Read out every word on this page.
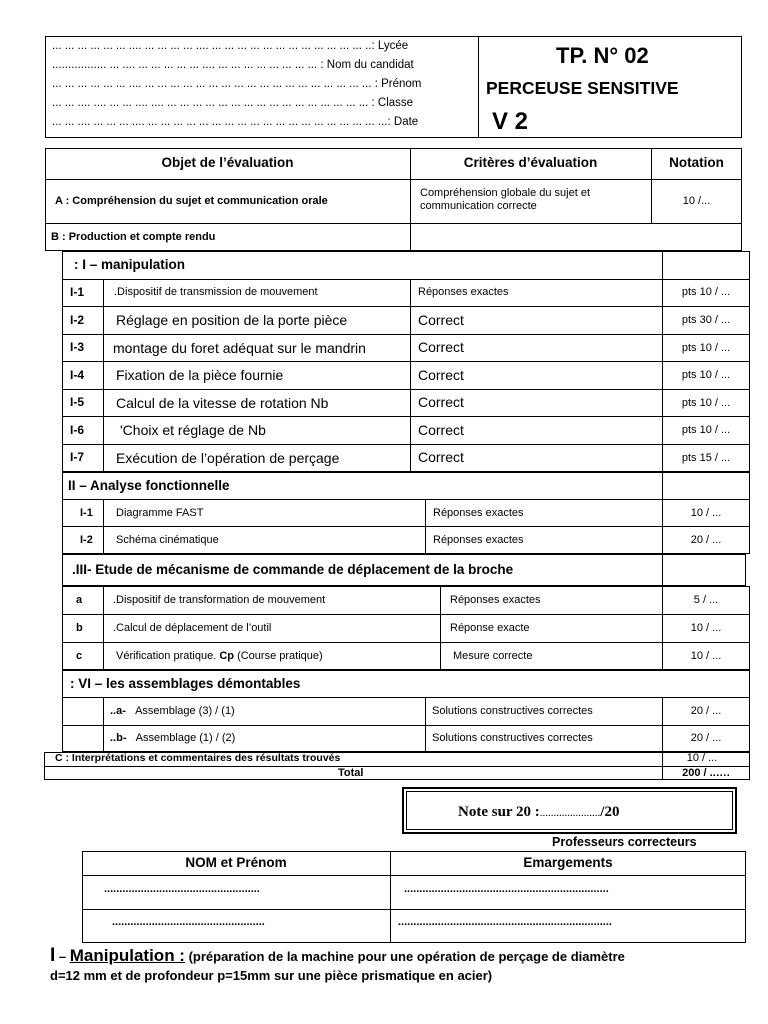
... ... ... ... ... ... .... ... ... ... ... .... ... ... ... ... ... ... ... ... ... ... ... ... ..: Lycée
................. ... .... ... ... ... ... ... .... ... ... ... ... ... ... ... ... : Nom du candidat
... ... ... ... ... ... .... ... ... ... ... ... ... ... ... ... ... ... ... ... ... ... ... ... ... : Prénom
... ... .... .... ... ... .... .... ... ... ... ... ... ... ... ... ... ... ... ... ... ... ... ... : Classe
... ... .... ... ... ... .... ... ... ... ... ... ... ... ... ... ... ... ... ... ... ... ... ... ... ...: Date
TP. N° 02
PERCEUSE SENSITIVE
V 2
Objet de l’évaluation	Critères d’évaluation	Notation
A : Compréhension du sujet et communication orale
Compréhension globale du sujet et communication correcte	10 /...
B : Production et compte rendu
: I – manipulation
I-1	.Dispositif de transmission de mouvement	Réponses exactes	pts 10 / ...
I-2 Réglage en position de la porte pièce	Correct	pts 30 / ...
I-3 montage du foret adéquat sur le mandrin	Correct	pts 10 / ...
I-4 Fixation de la pièce fournie	Correct	pts 10 / ...
I-5 Calcul de la vitesse de rotation Nb	Correct	pts 10 / ...
I-6	'Choix et réglage de Nb	Correct	pts 10 / ...
I-7 Exécution de l’opération de perçage	Correct	pts 15 / ...
II – Analyse fonctionnelle
I-1 Diagramme FAST	Réponses exactes	10 / ...
I-2 Schéma cinématique	Réponses exactes	20 / ...
.III- Etude de mécanisme de commande de déplacement de la broche
a	.Dispositif de transformation de mouvement	Réponses exactes	5 / ...
b	.Calcul de déplacement de l’outil	Réponse exacte	10 / ...
c	Vérification pratique. Cp (Course pratique)	Mesure correcte	10 / ...
: VI – les assemblages démontables
..a- Assemblage (3) / (1)	Solutions constructives correctes	20 / ...
..b- Assemblage (1) / (2)	Solutions constructives correctes	20 / ...
C : Interprétations et commentaires des résultats trouvés	10 / ...
Total	200 / ..….
Note sur 20 :....................../20
Professeurs correcteurs
NOM et Prénom	Emargements
...................................................	...................................................................
..................................................	......................................................................
I – Manipulation : (préparation de la machine pour une opération de perçage de diamètre
d=12 mm et de profondeur p=15mm sur une pièce prismatique en acier)
